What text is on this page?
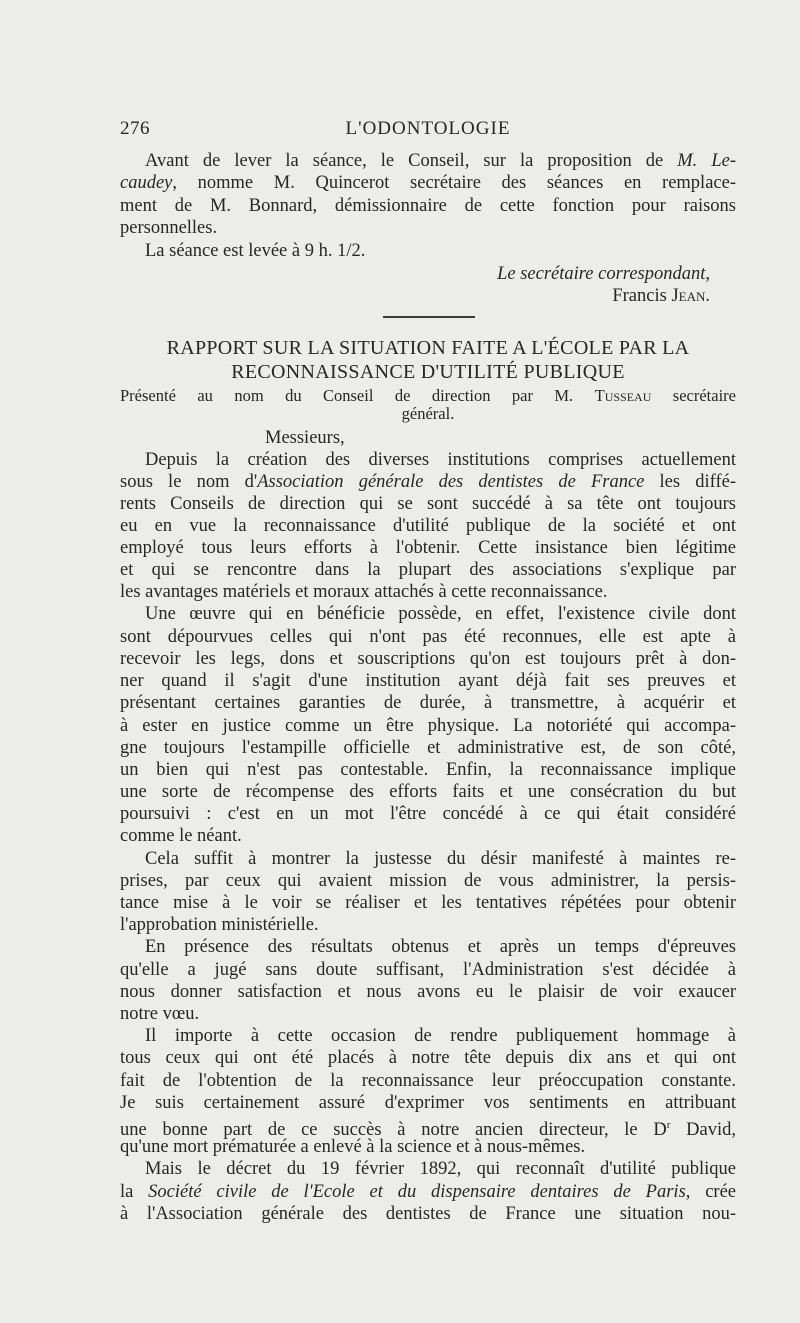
276	L'ODONTOLOGIE
Avant de lever la séance, le Conseil, sur la proposition de M. Le-
caudey, nomme M. Quincerot secrétaire des séances en remplace-
ment de M. Bonnard, démissionnaire de cette fonction pour raisons
personnelles.
La séance est levée à 9 h. 1/2.
Le secrétaire correspondant,
Francis Jean.
RAPPORT SUR LA SITUATION FAITE A L'ÉCOLE PAR LA
RECONNAISSANCE D'UTILITÉ PUBLIQUE
Présenté au nom du Conseil de direction par M. Tusseau secrétaire
général.
Messieurs,
Depuis la création des diverses institutions comprises actuellement
sous le nom d'Association générale des dentistes de France les diffé-
rents Conseils de direction qui se sont succédé à sa tête ont toujours
eu en vue la reconnaissance d'utilité publique de la société et ont
employé tous leurs efforts à l'obtenir. Cette insistance bien légitime
et qui se rencontre dans la plupart des associations s'explique par
les avantages matériels et moraux attachés à cette reconnaissance.
Une œuvre qui en bénéficie possède, en effet, l'existence civile dont
sont dépourvues celles qui n'ont pas été reconnues, elle est apte à
recevoir les legs, dons et souscriptions qu'on est toujours prêt à don-
ner quand il s'agit d'une institution ayant déjà fait ses preuves et
présentant certaines garanties de durée, à transmettre, à acquérir et
à ester en justice comme un être physique. La notoriété qui accompa-
gne toujours l'estampille officielle et administrative est, de son côté,
un bien qui n'est pas contestable. Enfin, la reconnaissance implique
une sorte de récompense des efforts faits et une consécration du but
poursuivi : c'est en un mot l'être concédé à ce qui était considéré
comme le néant.
Cela suffit à montrer la justesse du désir manifesté à maintes re-
prises, par ceux qui avaient mission de vous administrer, la persis-
tance mise à le voir se réaliser et les tentatives répétées pour obtenir
l'approbation ministérielle.
En présence des résultats obtenus et après un temps d'épreuves
qu'elle a jugé sans doute suffisant, l'Administration s'est décidée à
nous donner satisfaction et nous avons eu le plaisir de voir exaucer
notre vœu.
Il importe à cette occasion de rendre publiquement hommage à
tous ceux qui ont été placés à notre tête depuis dix ans et qui ont
fait de l'obtention de la reconnaissance leur préoccupation constante.
Je suis certainement assuré d'exprimer vos sentiments en attribuant
une bonne part de ce succès à notre ancien directeur, le $D^r$ David,
qu'une mort prématurée a enlevé à la science et à nous-mêmes.
Mais le décret du 19 février 1892, qui reconnaît d'utilité publique
la Société civile de l'Ecole et du dispensaire dentaires de Paris, crée
à l'Association générale des dentistes de France une situation nou-
